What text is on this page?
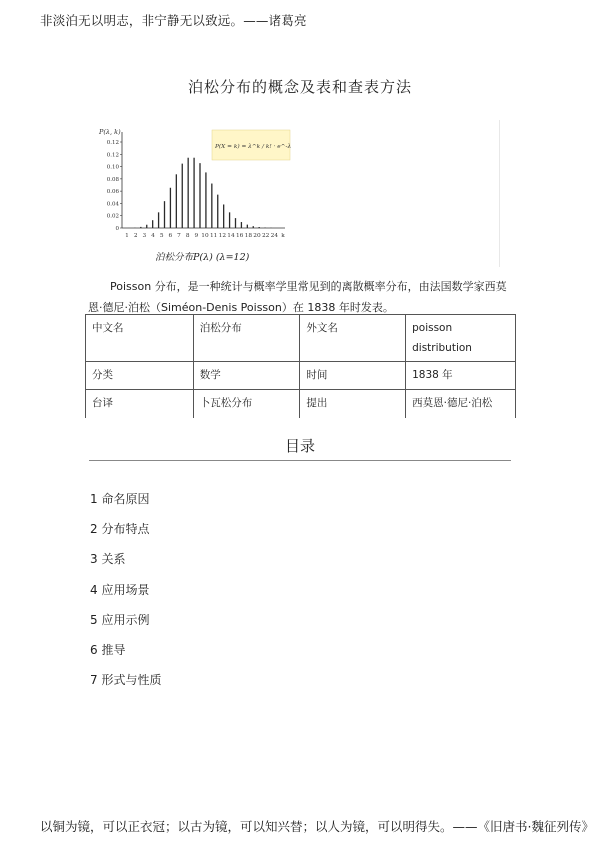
非淡泊无以明志，非宁静无以致远。——诸葛亮
泊松分布的概念及表和查表方法
P(λ, k)
P(X = k) = λ^k / k! · e^-λ
泊松分布P(λ) (λ=12)
0.12
0.12
0.10
0.08
0.06
0.04
0.02
0
1 2 3 4 5 6 7 8 9 10 11 12 14 16 18 20 22 24 k
Poisson 分布，是一种统计与概率学里常见到的离散概率分布，由法国数学家西莫
恩·德尼·泊松（Siméon-Denis Poisson）在 1838 年时发表。
中文名	泊松分布	外文名	poisson distribution
分类	数学	时间	1838 年
台译	卜瓦松分布	提出	西莫恩·德尼·泊松
目录
1 命名原因
2 分布特点
3 关系
4 应用场景
5 应用示例
6 推导
7 形式与性质
以铜为镜，可以正衣冠；以古为镜，可以知兴替；以人为镜，可以明得失。——《旧唐书·魏征列传》
